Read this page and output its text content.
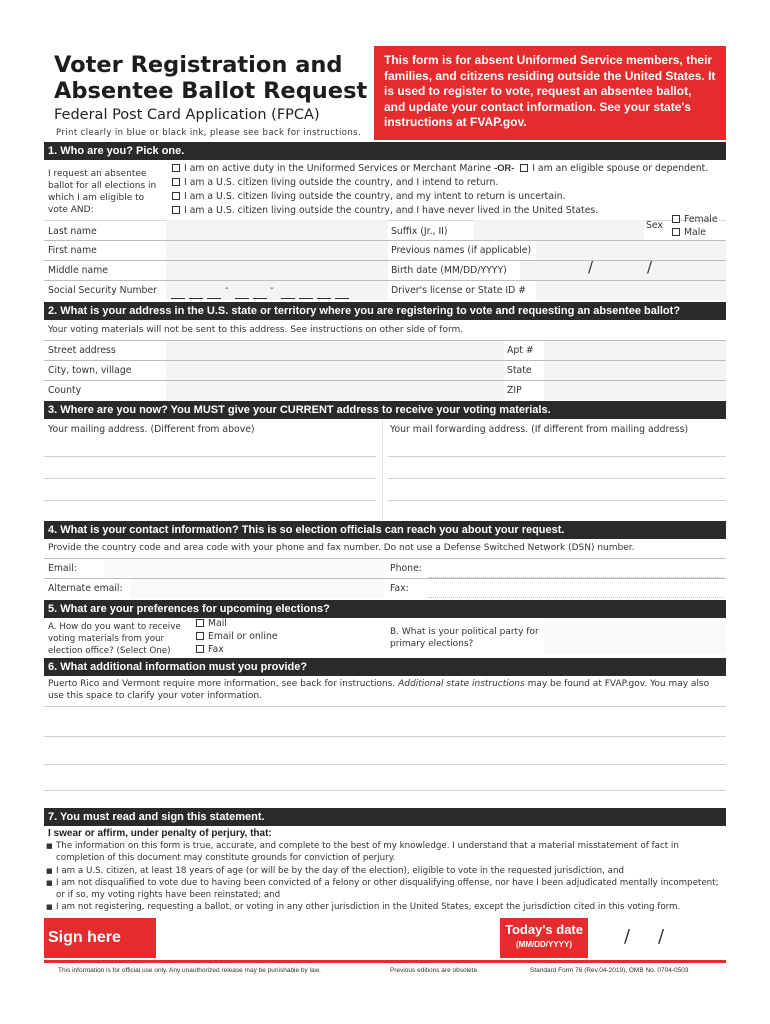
Voter Registration and Absentee Ballot Request
Federal Post Card Application (FPCA)
Print clearly in blue or black ink, please see back for instructions.
This form is for absent Uniformed Service members, their families, and citizens residing outside the United States. It is used to register to vote, request an absentee ballot, and update your contact information. See your state's instructions at FVAP.gov.
1. Who are you? Pick one.
I request an absentee ballot for all elections in which I am eligible to vote AND:
I am on active duty in the Uniformed Services or Merchant Marine -OR- I am an eligible spouse or dependent.
I am a U.S. citizen living outside the country, and I intend to return.
I am a U.S. citizen living outside the country, and my intent to return is uncertain.
I am a U.S. citizen living outside the country, and I have never lived in the United States.
Last name	Suffix (Jr., II)
Sex
Female
Male
First name	Previous names (if applicable)
Middle name	Birth date (MM/DD/YYYY)	/	/
Social Security Number	-	-	Driver's license or State ID #
2. What is your address in the U.S. state or territory where you are registering to vote and requesting an absentee ballot?
Your voting materials will not be sent to this address. See instructions on other side of form.
Street address	Apt #
City, town, village	State
County	ZIP
3. Where are you now? You MUST give your CURRENT address to receive your voting materials.
Your mailing address. (Different from above)	Your mail forwarding address. (If different from mailing address)
4. What is your contact information? This is so election officials can reach you about your request.
Provide the country code and area code with your phone and fax number. Do not use a Defense Switched Network (DSN) number.
Email:	Phone:
Alternate email:	Fax:
5. What are your preferences for upcoming elections?
A. How do you want to receive voting materials from your election office? (Select One)
Mail
Email or online
Fax
B. What is your political party for primary elections?
6. What additional information must you provide?
Puerto Rico and Vermont require more information, see back for instructions. Additional state instructions may be found at FVAP.gov. You may also use this space to clarify your voter information.
7. You must read and sign this statement.
I swear or affirm, under penalty of perjury, that:
■ The information on this form is true, accurate, and complete to the best of my knowledge. I understand that a material misstatement of fact in completion of this document may constitute grounds for conviction of perjury.
■ I am a U.S. citizen, at least 18 years of age (or will be by the day of the election), eligible to vote in the requested jurisdiction, and
■ I am not disqualified to vote due to having been convicted of a felony or other disqualifying offense, nor have I been adjudicated mentally incompetent; or if so, my voting rights have been reinstated; and
■ I am not registering, requesting a ballot, or voting in any other jurisdiction in the United States, except the jurisdiction cited in this voting form.
Sign here X	Today's date
(MM/DD/YYYY)	/ /
This information is for official use only. Any unauthorized release may be punishable by law.	Previous editions are obsolete.	Standard Form 76 (Rev.04-2019), OMB No. 0704-0503
